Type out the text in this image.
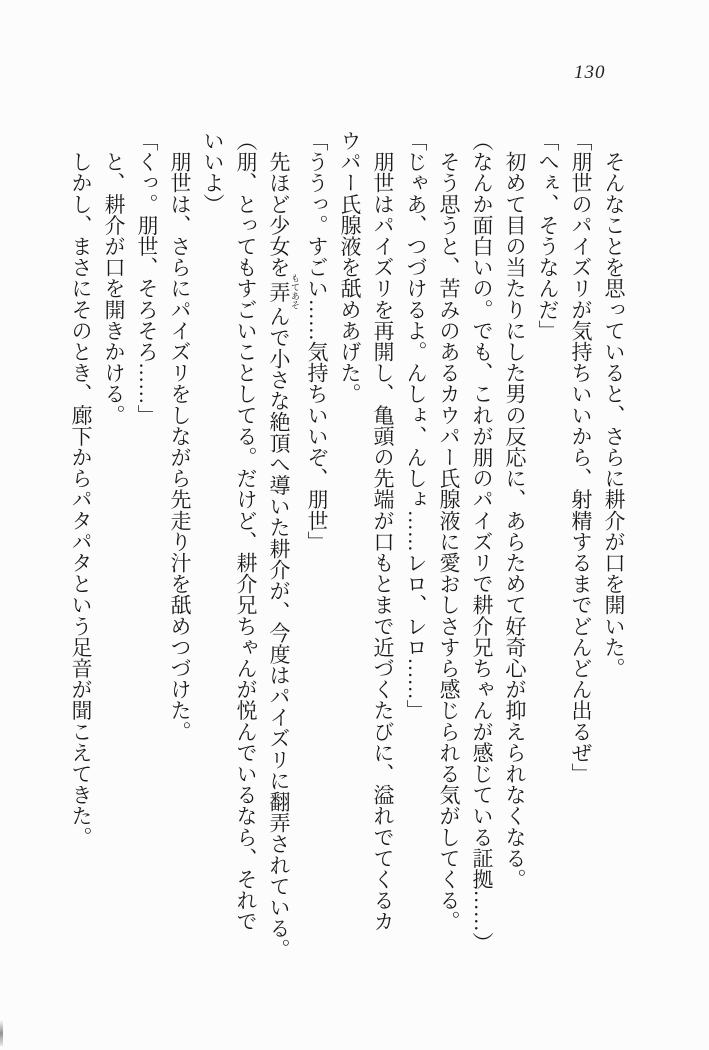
130

　そんなことを思っていると、さらに耕介が口を開いた。

「朋世のパイズリが気持ちいいから、射精するまでどんどん出るぜ」

「へぇ、そうなんだ」

　初めて目の当たりにした男の反応に、あらためて好奇心が抑えられなくなる。

（なんか面白いの。でも、これが朋のパイズリで耕介兄ちゃんが感じている証拠……）

　そう思うと、苦みのあるカウパー氏腺液に愛おしさすら感じられる気がしてくる。

「じゃあ、つづけるよ。んしょ、んしょ……レロ、レロ……」

　朋世はパイズリを再開し、亀頭の先端が口もとまで近づくたびに、溢れでてくるカ

ウパー氏腺液を舐めあげた。

「ううっ。すごい……気持ちいいぞ、朋世」

　先ほど少女を弄 もてあそんで小さな絶頂へ導いた耕介が、今度はパイズリに翻弄されている。

（朋、とってもすごいことしてる。だけど、耕介兄ちゃんが悦んでいるなら、それで

いいよ）

　朋世は、さらにパイズリをしながら先走り汁を舐めつづけた。

「くっ。朋世、そろそろ……」

　と、耕介が口を開きかける。

　しかし、まさにそのとき、廊下からパタパタという足音が聞こえてきた。
